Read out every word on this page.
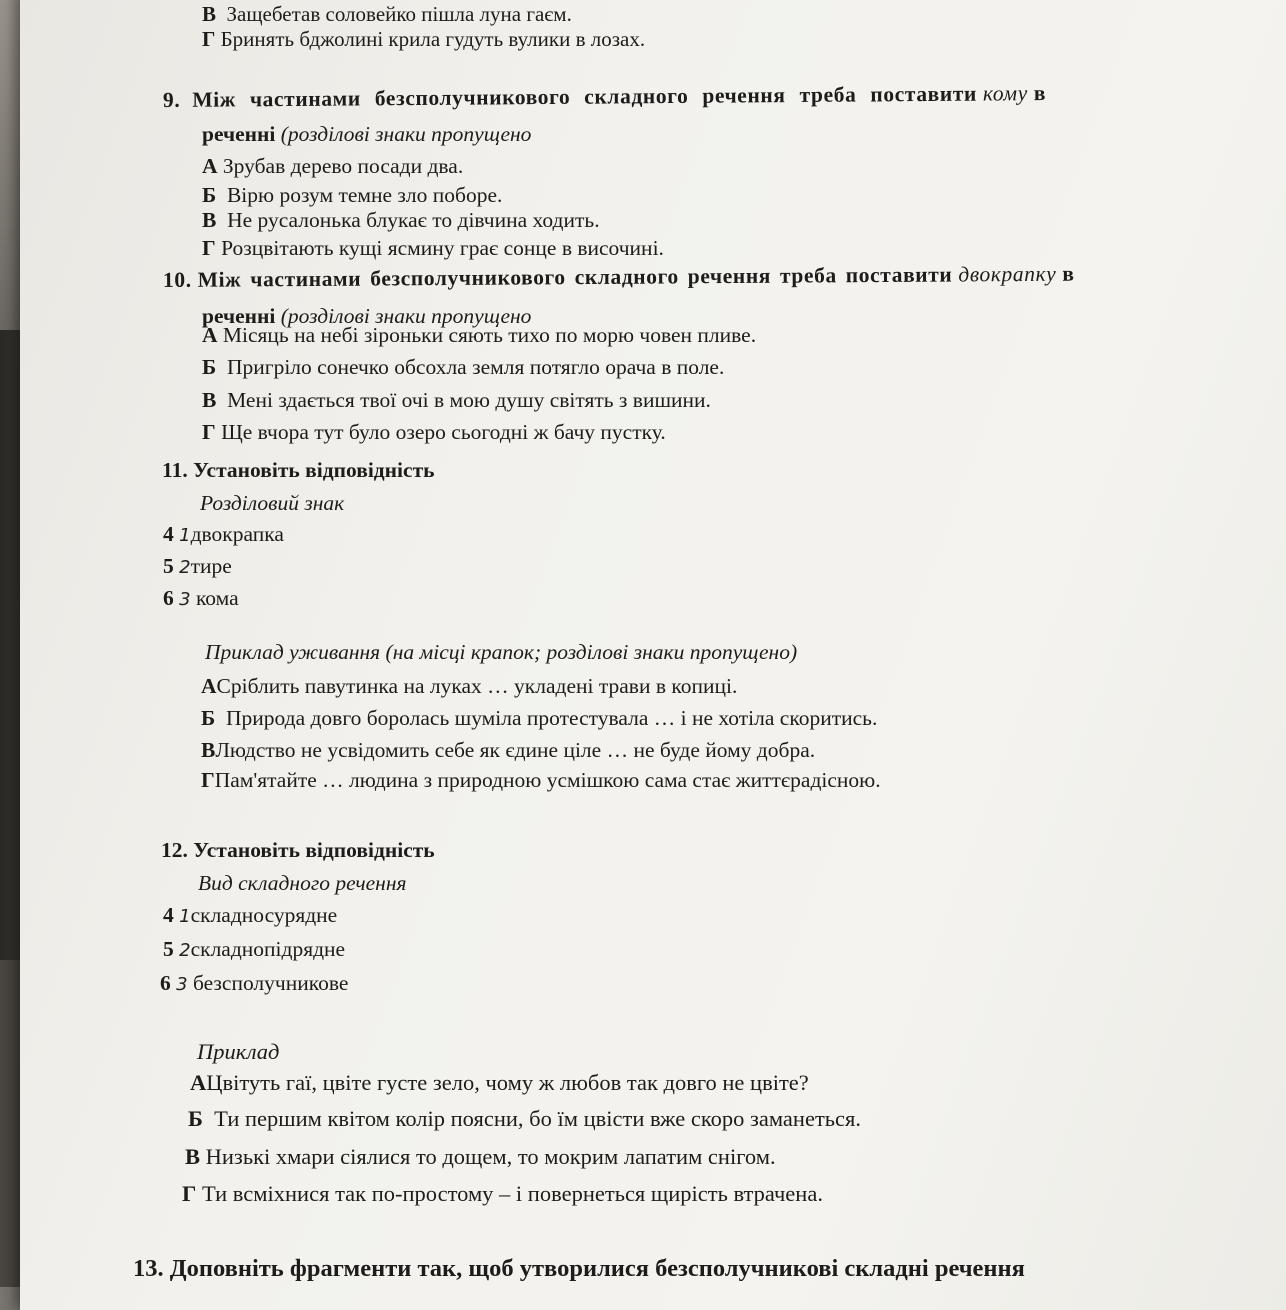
В Защебетав соловейко пішла луна гаєм.
Г Бринять бджолині крила гудуть вулики в лозах.
9. Між частинами безсполучникового складного речення треба поставити кому в
реченні (розділові знаки пропущено
А Зрубав дерево посади два.
Б Вірю розум темне зло поборе.
В Не русалонька блукає то дівчина ходить.
Г Розцвітають кущі ясмину грає сонце в височині.
10. Між частинами безсполучникового складного речення треба поставити двокрапку в
реченні (розділові знаки пропущено
А Місяць на небі зіроньки сяють тихо по морю човен пливе.
Б Пригріло сонечко обсохла земля потягло орача в поле.
В Мені здається твої очі в мою душу світять з вишини.
Г Ще вчора тут було озеро сьогодні ж бачу пустку.
11. Установіть відповідність
Розділовий знак
4 1двокрапка
5 2тире
6 3 кома
Приклад уживання (на місці крапок; розділові знаки пропущено)
АСріблить павутинка на луках … укладені трави в копиці.
Б Природа довго боролась шуміла протестувала … і не хотіла скоритись.
ВЛюдство не усвідомить себе як єдине ціле … не буде йому добра.
ГПам'ятайте … людина з природною усмішкою сама стає життєрадісною.
12. Установіть відповідність
Вид складного речення
4 1складносурядне
5 2складнопідрядне
6 3 безсполучникове
Приклад
АЦвітуть гаї, цвіте густе зело, чому ж любов так довго не цвіте?
Б Ти першим квітом колір поясни, бо їм цвісти вже скоро заманеться.
В Низькі хмари сіялися то дощем, то мокрим лапатим снігом.
Г Ти всміхнися так по-простому – і повернеться щирість втрачена.
13. Доповніть фрагменти так, щоб утворилися безсполучникові складні речення
